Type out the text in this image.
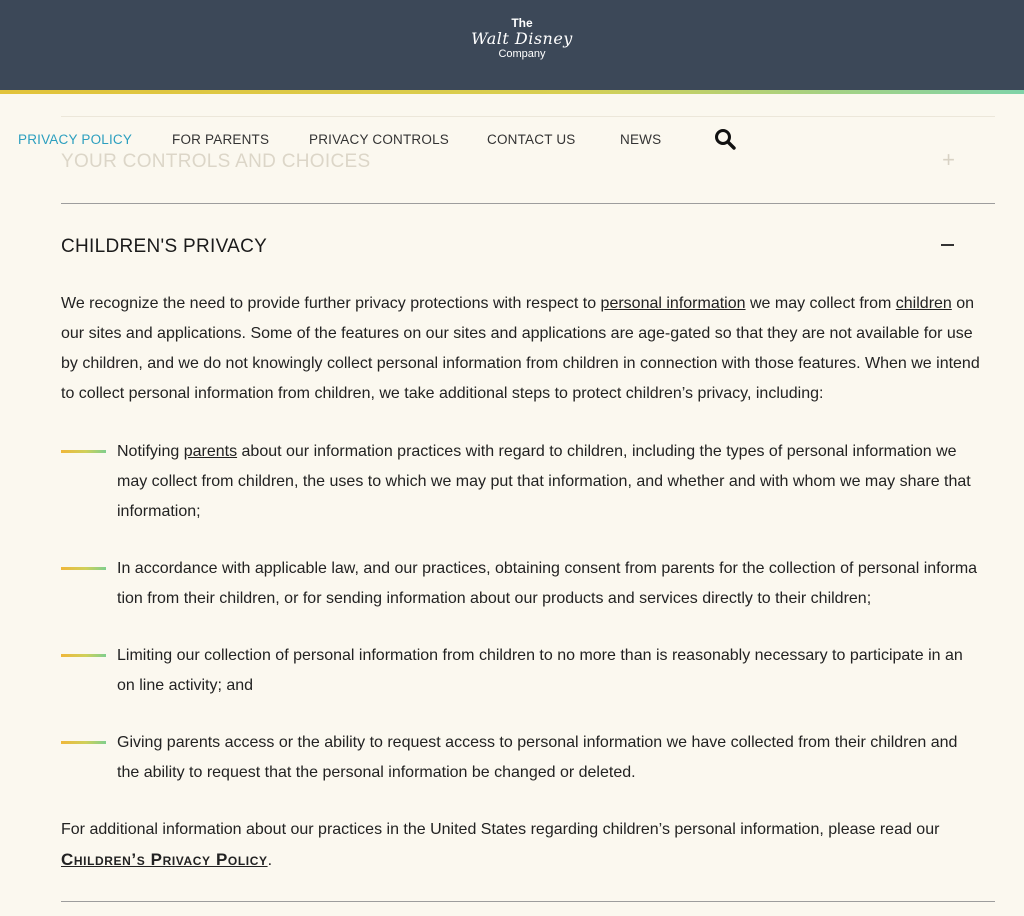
The
Walt Disney
Company
YOUR CONTROLS AND CHOICES	+
PRIVACY POLICY	FOR PARENTS	PRIVACY CONTROLS	CONTACT US	NEWS
CHILDREN'S PRIVACY
We recognize the need to provide further privacy protections with respect to personal information we may collect from children on our sites and applications. Some of the features on our sites and applications are age-gated so that they are not available for use by children, and we do not knowingly collect personal information from children in connection with those features. When we intend to collect personal information from children, we take additional steps to protect children’s privacy, including:
Notifying parents about our information practices with regard to children, including the types of personal information we may collect from children, the uses to which we may put that information, and whether and with whom we may share that information;
In accordance with applicable law, and our practices, obtaining consent from parents for the collection of personal informa tion from their children, or for sending information about our products and services directly to their children;
Limiting our collection of personal information from children to no more than is reasonably necessary to participate in an on line activity; and
Giving parents access or the ability to request access to personal information we have collected from their children and the ability to request that the personal information be changed or deleted.
For additional information about our practices in the United States regarding children’s personal information, please read our
Children’s Privacy Policy.
